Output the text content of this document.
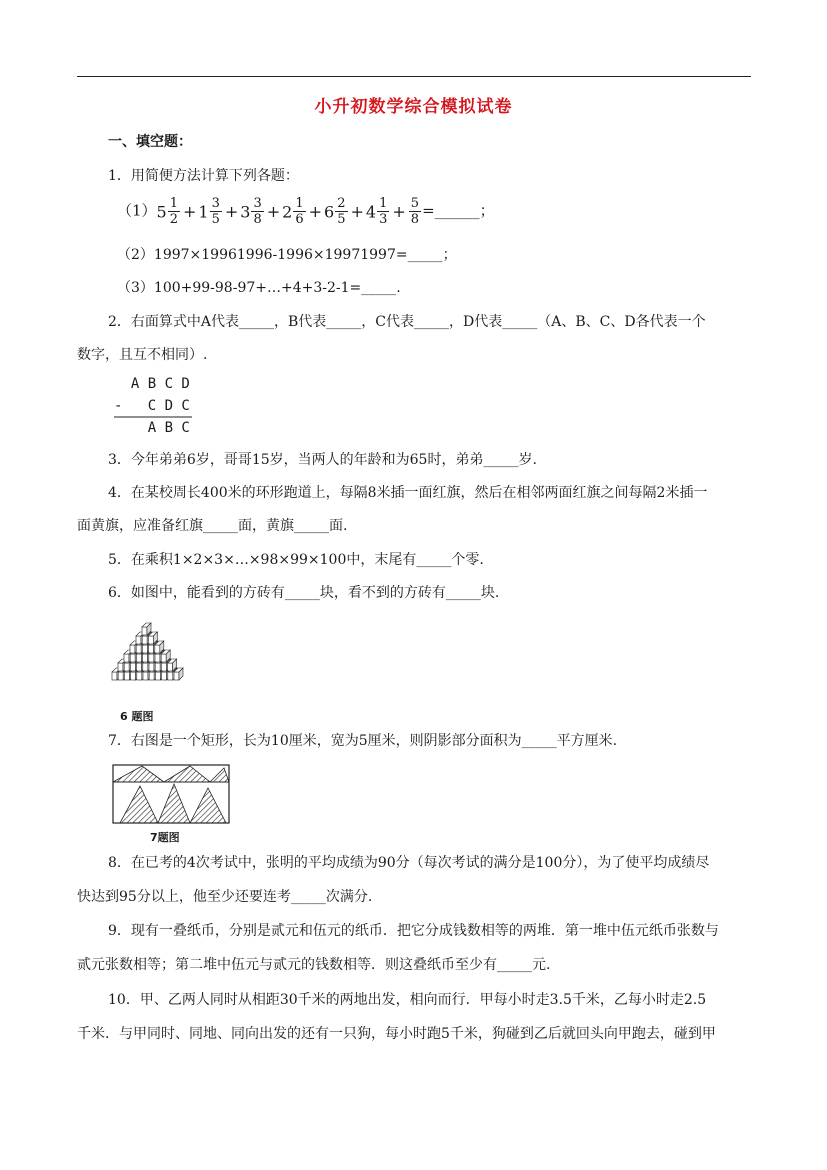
小升初数学综合模拟试卷
一、填空题：
1．用简便方法计算下列各题：
$(1)5 \frac{1}{2} + 1 \frac{3}{5} + 3 \frac{3}{8} + 2 \frac{1}{6} + 6 \frac{2}{5} + 4 \frac{1}{3} + \frac{5}{8}$ =______；
（2）1997×19961996-1996×19971997=_____；
（3）100+99-98-97+…+4+3-2-1=_____.
2．右面算式中A代表_____，B代表_____，C代表_____，D代表_____（A、B、C、D各代表一个
数字，且互不相同）.
A B C D
-   C D C
A B C
3．今年弟弟6岁，哥哥15岁，当两人的年龄和为65时，弟弟_____岁.
4．在某校周长400米的环形跑道上，每隔8米插一面红旗，然后在相邻两面红旗之间每隔2米插一
面黄旗，应准备红旗_____面，黄旗_____面.
5．在乘积1×2×3×…×98×99×100中，末尾有_____个零.
6．如图中，能看到的方砖有_____块，看不到的方砖有_____块.
6 题图
7．右图是一个矩形，长为10厘米，宽为5厘米，则阴影部分面积为_____平方厘米.
7题图
8．在已考的4次考试中，张明的平均成绩为90分（每次考试的满分是100分），为了使平均成绩尽
快达到95分以上，他至少还要连考_____次满分.
9．现有一叠纸币，分别是贰元和伍元的纸币．把它分成钱数相等的两堆．第一堆中伍元纸币张数与
贰元张数相等；第二堆中伍元与贰元的钱数相等．则这叠纸币至少有_____元.
10．甲、乙两人同时从相距30千米的两地出发，相向而行．甲每小时走3.5千米，乙每小时走2.5
千米．与甲同时、同地、同向出发的还有一只狗，每小时跑5千米，狗碰到乙后就回头向甲跑去，碰到甲
